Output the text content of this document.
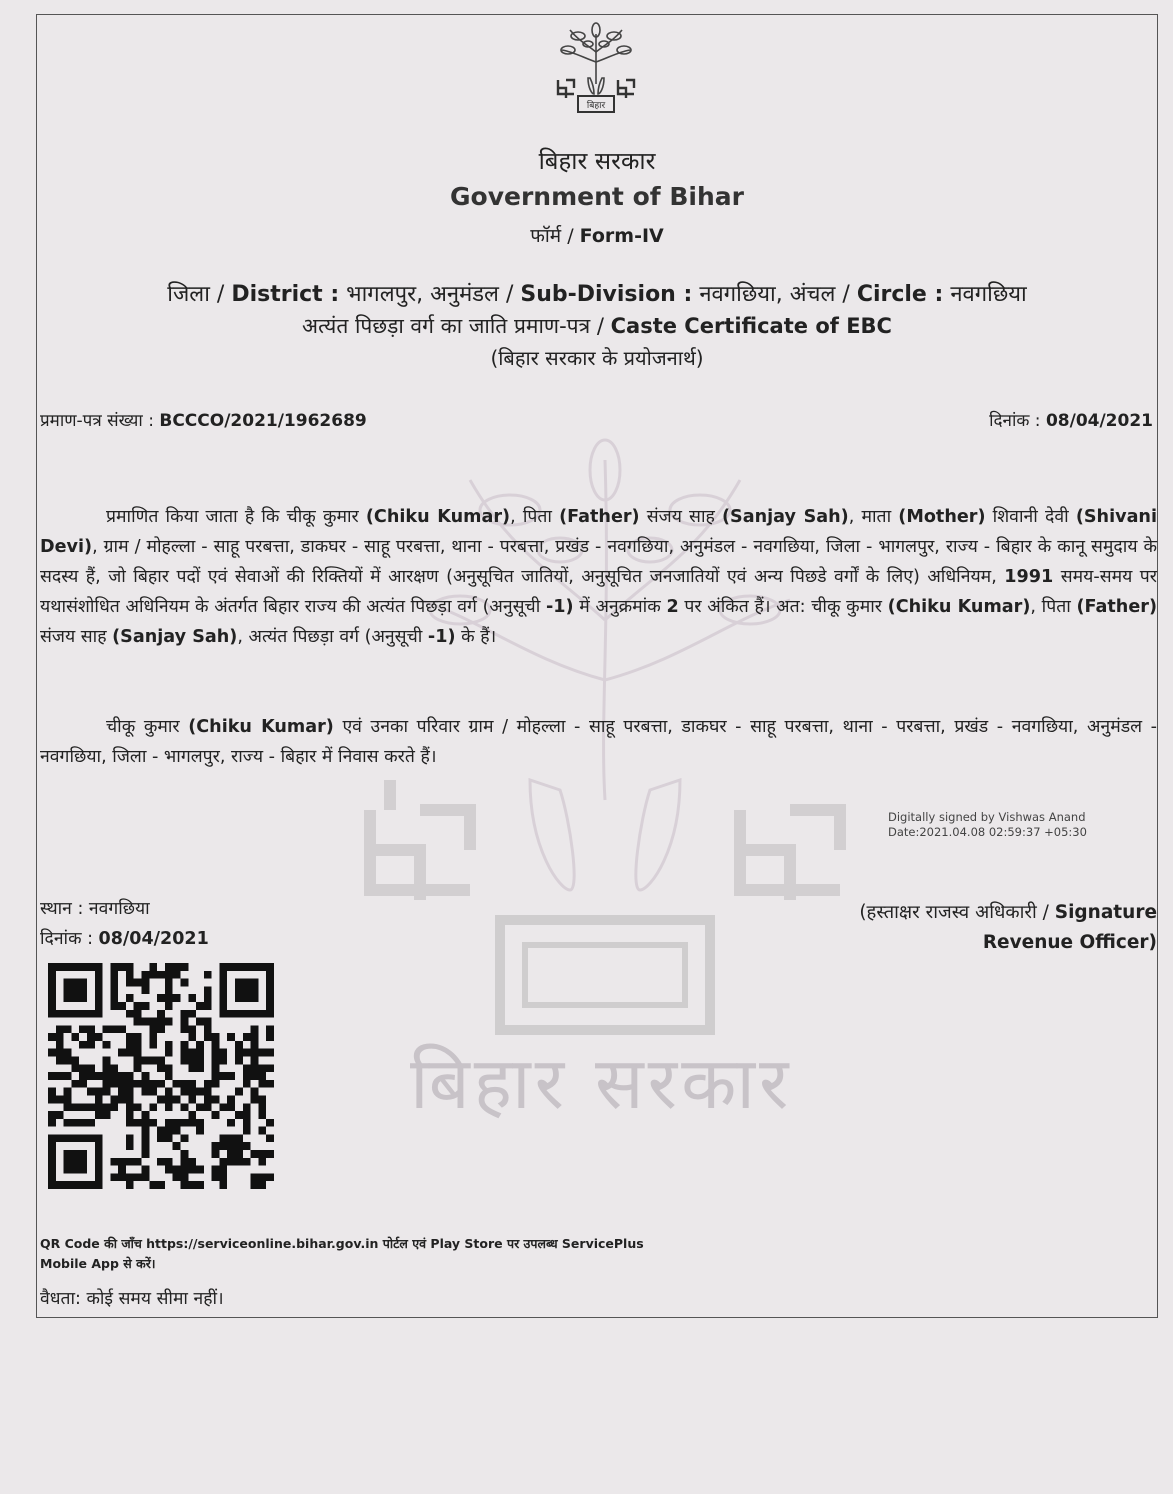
बिहार सरकार
बिहार
बिहार सरकार
Government of Bihar
फॉर्म / Form-IV
जिला / District : भागलपुर, अनुमंडल / Sub-Division : नवगछिया, अंचल / Circle : नवगछिया
अत्यंत पिछड़ा वर्ग का जाति प्रमाण-पत्र / Caste Certificate of EBC
(बिहार सरकार के प्रयोजनार्थ)
प्रमाण-पत्र संख्या : BCCCO/2021/1962689	दिनांक : 08/04/2021

प्रमाणित किया जाता है कि चीकू कुमार (Chiku Kumar), पिता (Father) संजय साह (Sanjay Sah), माता (Mother) शिवानी देवी (Shivani Devi), ग्राम / मोहल्ला - साहू परबत्ता, डाकघर - साहू परबत्ता, थाना - परबत्ता, प्रखंड - नवगछिया, अनुमंडल - नवगछिया, जिला - भागलपुर, राज्य - बिहार के कानू समुदाय के सदस्य हैं, जो बिहार पदों एवं सेवाओं की रिक्तियों में आरक्षण (अनुसूचित जातियों, अनुसूचित जनजातियों एवं अन्य पिछडे वर्गों के लिए) अधिनियम, 1991 समय-समय पर यथासंशोधित अधिनियम के अंतर्गत बिहार राज्य की अत्यंत पिछड़ा वर्ग (अनुसूची -1) में अनुक्रमांक 2 पर अंकित हैं। अत: चीकू कुमार (Chiku Kumar), पिता (Father) संजय साह (Sanjay Sah), अत्यंत पिछड़ा वर्ग (अनुसूची -1) के हैं।

चीकू कुमार (Chiku Kumar) एवं उनका परिवार ग्राम / मोहल्ला - साहू परबत्ता, डाकघर - साहू परबत्ता, थाना - परबत्ता, प्रखंड - नवगछिया, अनुमंडल - नवगछिया, जिला - भागलपुर, राज्य - बिहार में निवास करते हैं।

Digitally signed by Vishwas Anand
Date:2021.04.08 02:59:37 +05:30
(हस्ताक्षर राजस्व अधिकारी / Signature
Revenue Officer)
स्थान : नवगछिया
दिनांक : 08/04/2021
QR Code की जाँच https://serviceonline.bihar.gov.in पोर्टल एवं Play Store पर उपलब्ध ServicePlus
Mobile App से करें।
वैधता: कोई समय सीमा नहीं।
